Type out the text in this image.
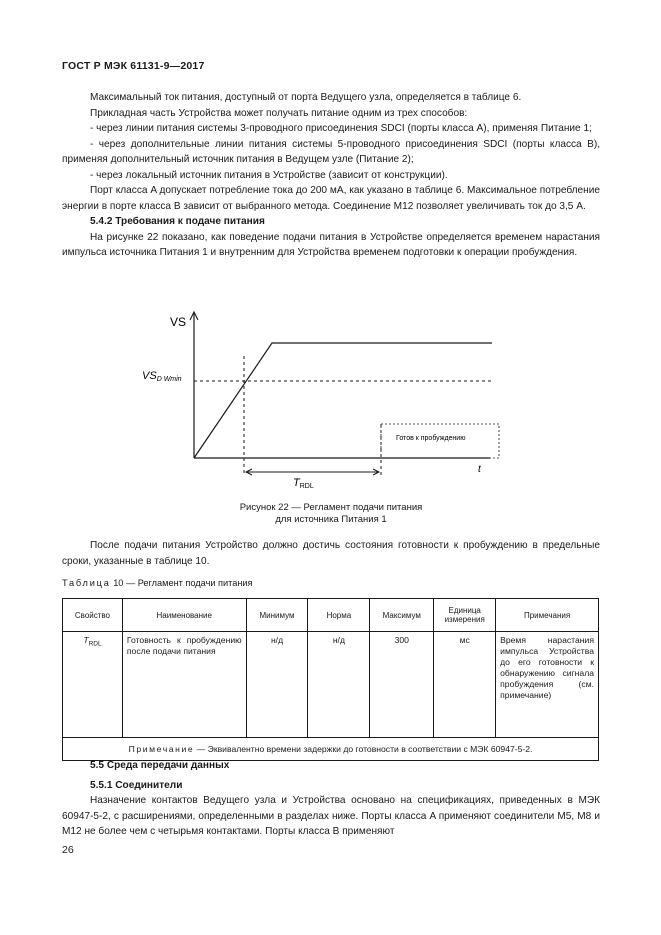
ГОСТ Р МЭК 61131-9—2017

Максимальный ток питания, доступный от порта Ведущего узла, определяется в таблице 6.

Прикладная часть Устройства может получать питание одним из трех способов:

- через линии питания системы 3-проводного присоединения SDCI (порты класса A), применяя Питание 1;

- через дополнительные линии питания системы 5-проводного присоединения SDCI (порты класса B), применяя дополнительный источник питания в Ведущем узле (Питание 2);

- через локальный источник питания в Устройстве (зависит от конструкции).

Порт класса A допускает потребление тока до 200 мА, как указано в таблице 6. Максимальное потребление энергии в порте класса B зависит от выбранного метода. Соединение M12 позволяет увеличивать ток до 3,5 А.

5.4.2 Требования к подаче питания

На рисунке 22 показано, как поведение подачи питания в Устройстве определяется временем нарастания импульса источника Питания 1 и внутренним для Устройства временем подготовки к операции пробуждения.

VS
t
VSD Wmin
Готов к пробуждению
TRDL
Рисунок 22 — Регламент подачи питания
для источника Питания 1

После подачи питания Устройство должно достичь состояния готовности к пробуждению в предельные сроки, указанные в таблице 10.

Таблица 10 — Регламент подачи питания
Свойство	Наименование	Минимум	Норма	Максимум	Единица измерения	Примечания
$T_{RDL}$	Готовность к пробуждению после подачи питания	н/д	н/д	300	мс	Время нарастания импульса Устройства до его готовности к обнаружению сигнала пробуждения (см. примечание)
Примечание — Эквивалентно времени задержки до готовности в соответствии с МЭК 60947-5-2.						

5.5 Среда передачи данных

5.5.1 Соединители

Назначение контактов Ведущего узла и Устройства основано на спецификациях, приведенных в МЭК 60947-5-2, с расширениями, определенными в разделах ниже. Порты класса A применяют соединители M5, M8 и M12 не более чем с четырьмя контактами. Порты класса B применяют

26
